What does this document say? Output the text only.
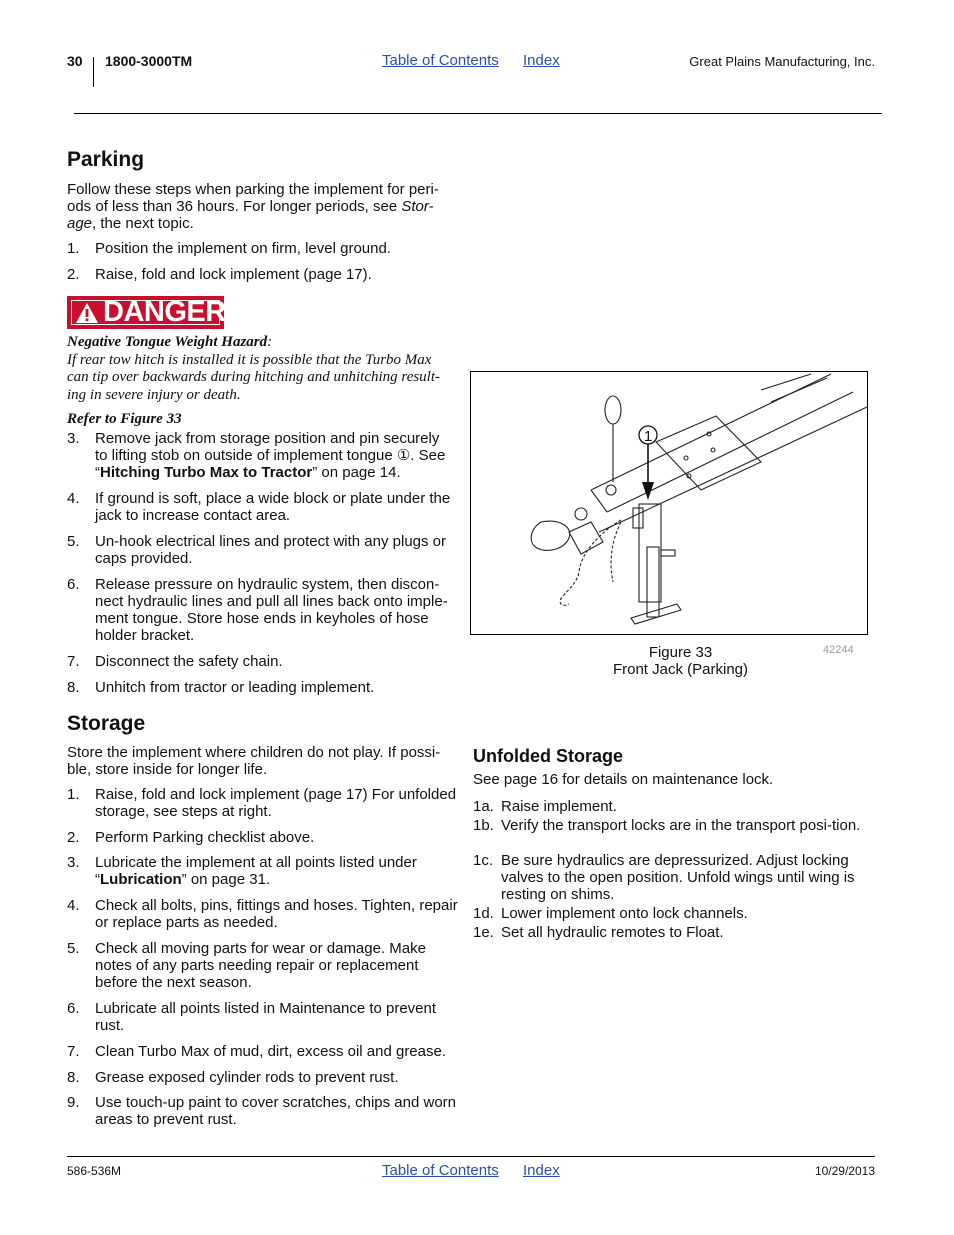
30 1800-3000TM	Table of Contents Index	Great Plains Manufacturing, Inc.
Parking
Follow these steps when parking the implement for peri-
ods of less than 36 hours. For longer periods, see Stor-
age, the next topic.
1. Position the implement on firm, level ground.
2. Raise, fold and lock implement (page 17).
DANGER
Negative Tongue Weight Hazard:
If rear tow hitch is installed it is possible that the Turbo Max
can tip over backwards during hitching and unhitching result-
ing in severe injury or death.
Refer to Figure 33
3. Remove jack from storage position and pin securely
to lifting stob on outside of implement tongue ①. See
“Hitching Turbo Max to Tractor” on page 14.
4. If ground is soft, place a wide block or plate under the jack to increase contact area.
5. Un-hook electrical lines and protect with any plugs or caps provided.
6. Release pressure on hydraulic system, then discon-nect hydraulic lines and pull all lines back onto imple-ment tongue. Store hose ends in keyholes of hose holder bracket.
7. Disconnect the safety chain.
8. Unhitch from tractor or leading implement.
Storage
Store the implement where children do not play. If possi-ble, store inside for longer life.
1. Raise, fold and lock implement (page 17) For unfolded storage, see steps at right.
2. Perform Parking checklist above.
3. Lubricate the implement at all points listed under
“Lubrication” on page 31.
4. Check all bolts, pins, fittings and hoses. Tighten, repair or replace parts as needed.
5. Check all moving parts for wear or damage. Make notes of any parts needing repair or replacement before the next season.
6. Lubricate all points listed in Maintenance to prevent rust.
7. Clean Turbo Max of mud, dirt, excess oil and grease.
8. Grease exposed cylinder rods to prevent rust.
9. Use touch-up paint to cover scratches, chips and worn areas to prevent rust.
1
Figure 33
Front Jack (Parking)
42244
Unfolded Storage
See page 16 for details on maintenance lock.
1a. Raise implement.
1b. Verify the transport locks are in the transport posi-tion.
1c. Be sure hydraulics are depressurized. Adjust locking valves to the open position. Unfold wings until wing is resting on shims.
1d. Lower implement onto lock channels.
1e. Set all hydraulic remotes to Float.
586-536M	Table of Contents Index	10/29/2013
